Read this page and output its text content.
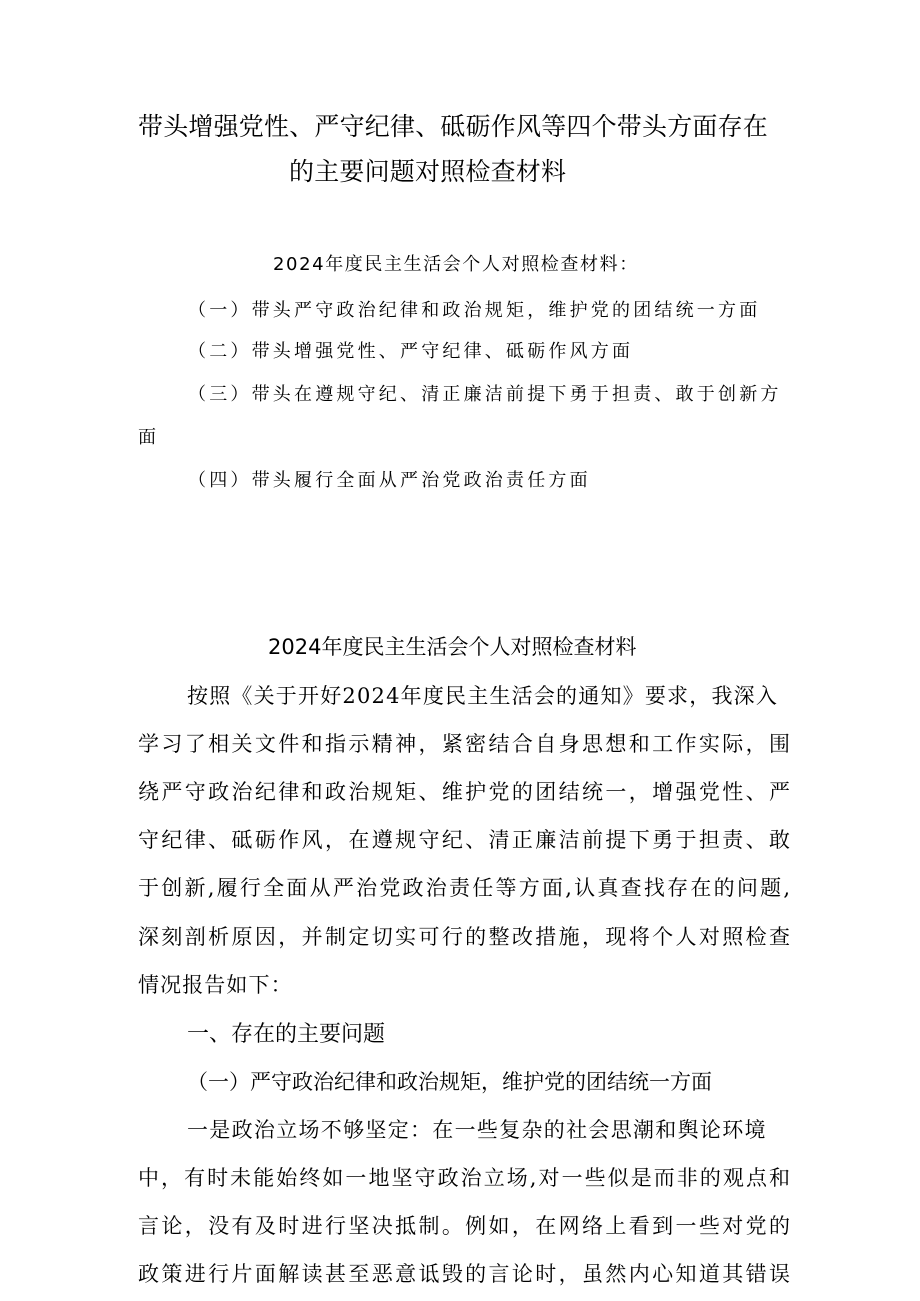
带头增强党性、严守纪律、砥砺作风等四个带头方面存在
的主要问题对照检查材料
2024年度民主生活会个人对照检查材料：
（一）带头严守政治纪律和政治规矩，维护党的团结统一方面
（二）带头增强党性、严守纪律、砥砺作风方面
（三）带头在遵规守纪、清正廉洁前提下勇于担责、敢于创新方
面
（四）带头履行全面从严治党政治责任方面
2024年度民主生活会个人对照检查材料
按照《关于开好2024年度民主生活会的通知》要求，我深入
学习了相关文件和指示精神，紧密结合自身思想和工作实际，围
绕严守政治纪律和政治规矩、维护党的团结统一，增强党性、严
守纪律、砥砺作风，在遵规守纪、清正廉洁前提下勇于担责、敢
于创新,履行全面从严治党政治责任等方面,认真查找存在的问题,
深刻剖析原因，并制定切实可行的整改措施，现将个人对照检查
情况报告如下：
一、存在的主要问题
（一）严守政治纪律和政治规矩，维护党的团结统一方面
一是政治立场不够坚定：在一些复杂的社会思潮和舆论环境
中，有时未能始终如一地坚守政治立场,对一些似是而非的观点和
言论，没有及时进行坚决抵制。例如，在网络上看到一些对党的
政策进行片面解读甚至恶意诋毁的言论时，虽然内心知道其错误
